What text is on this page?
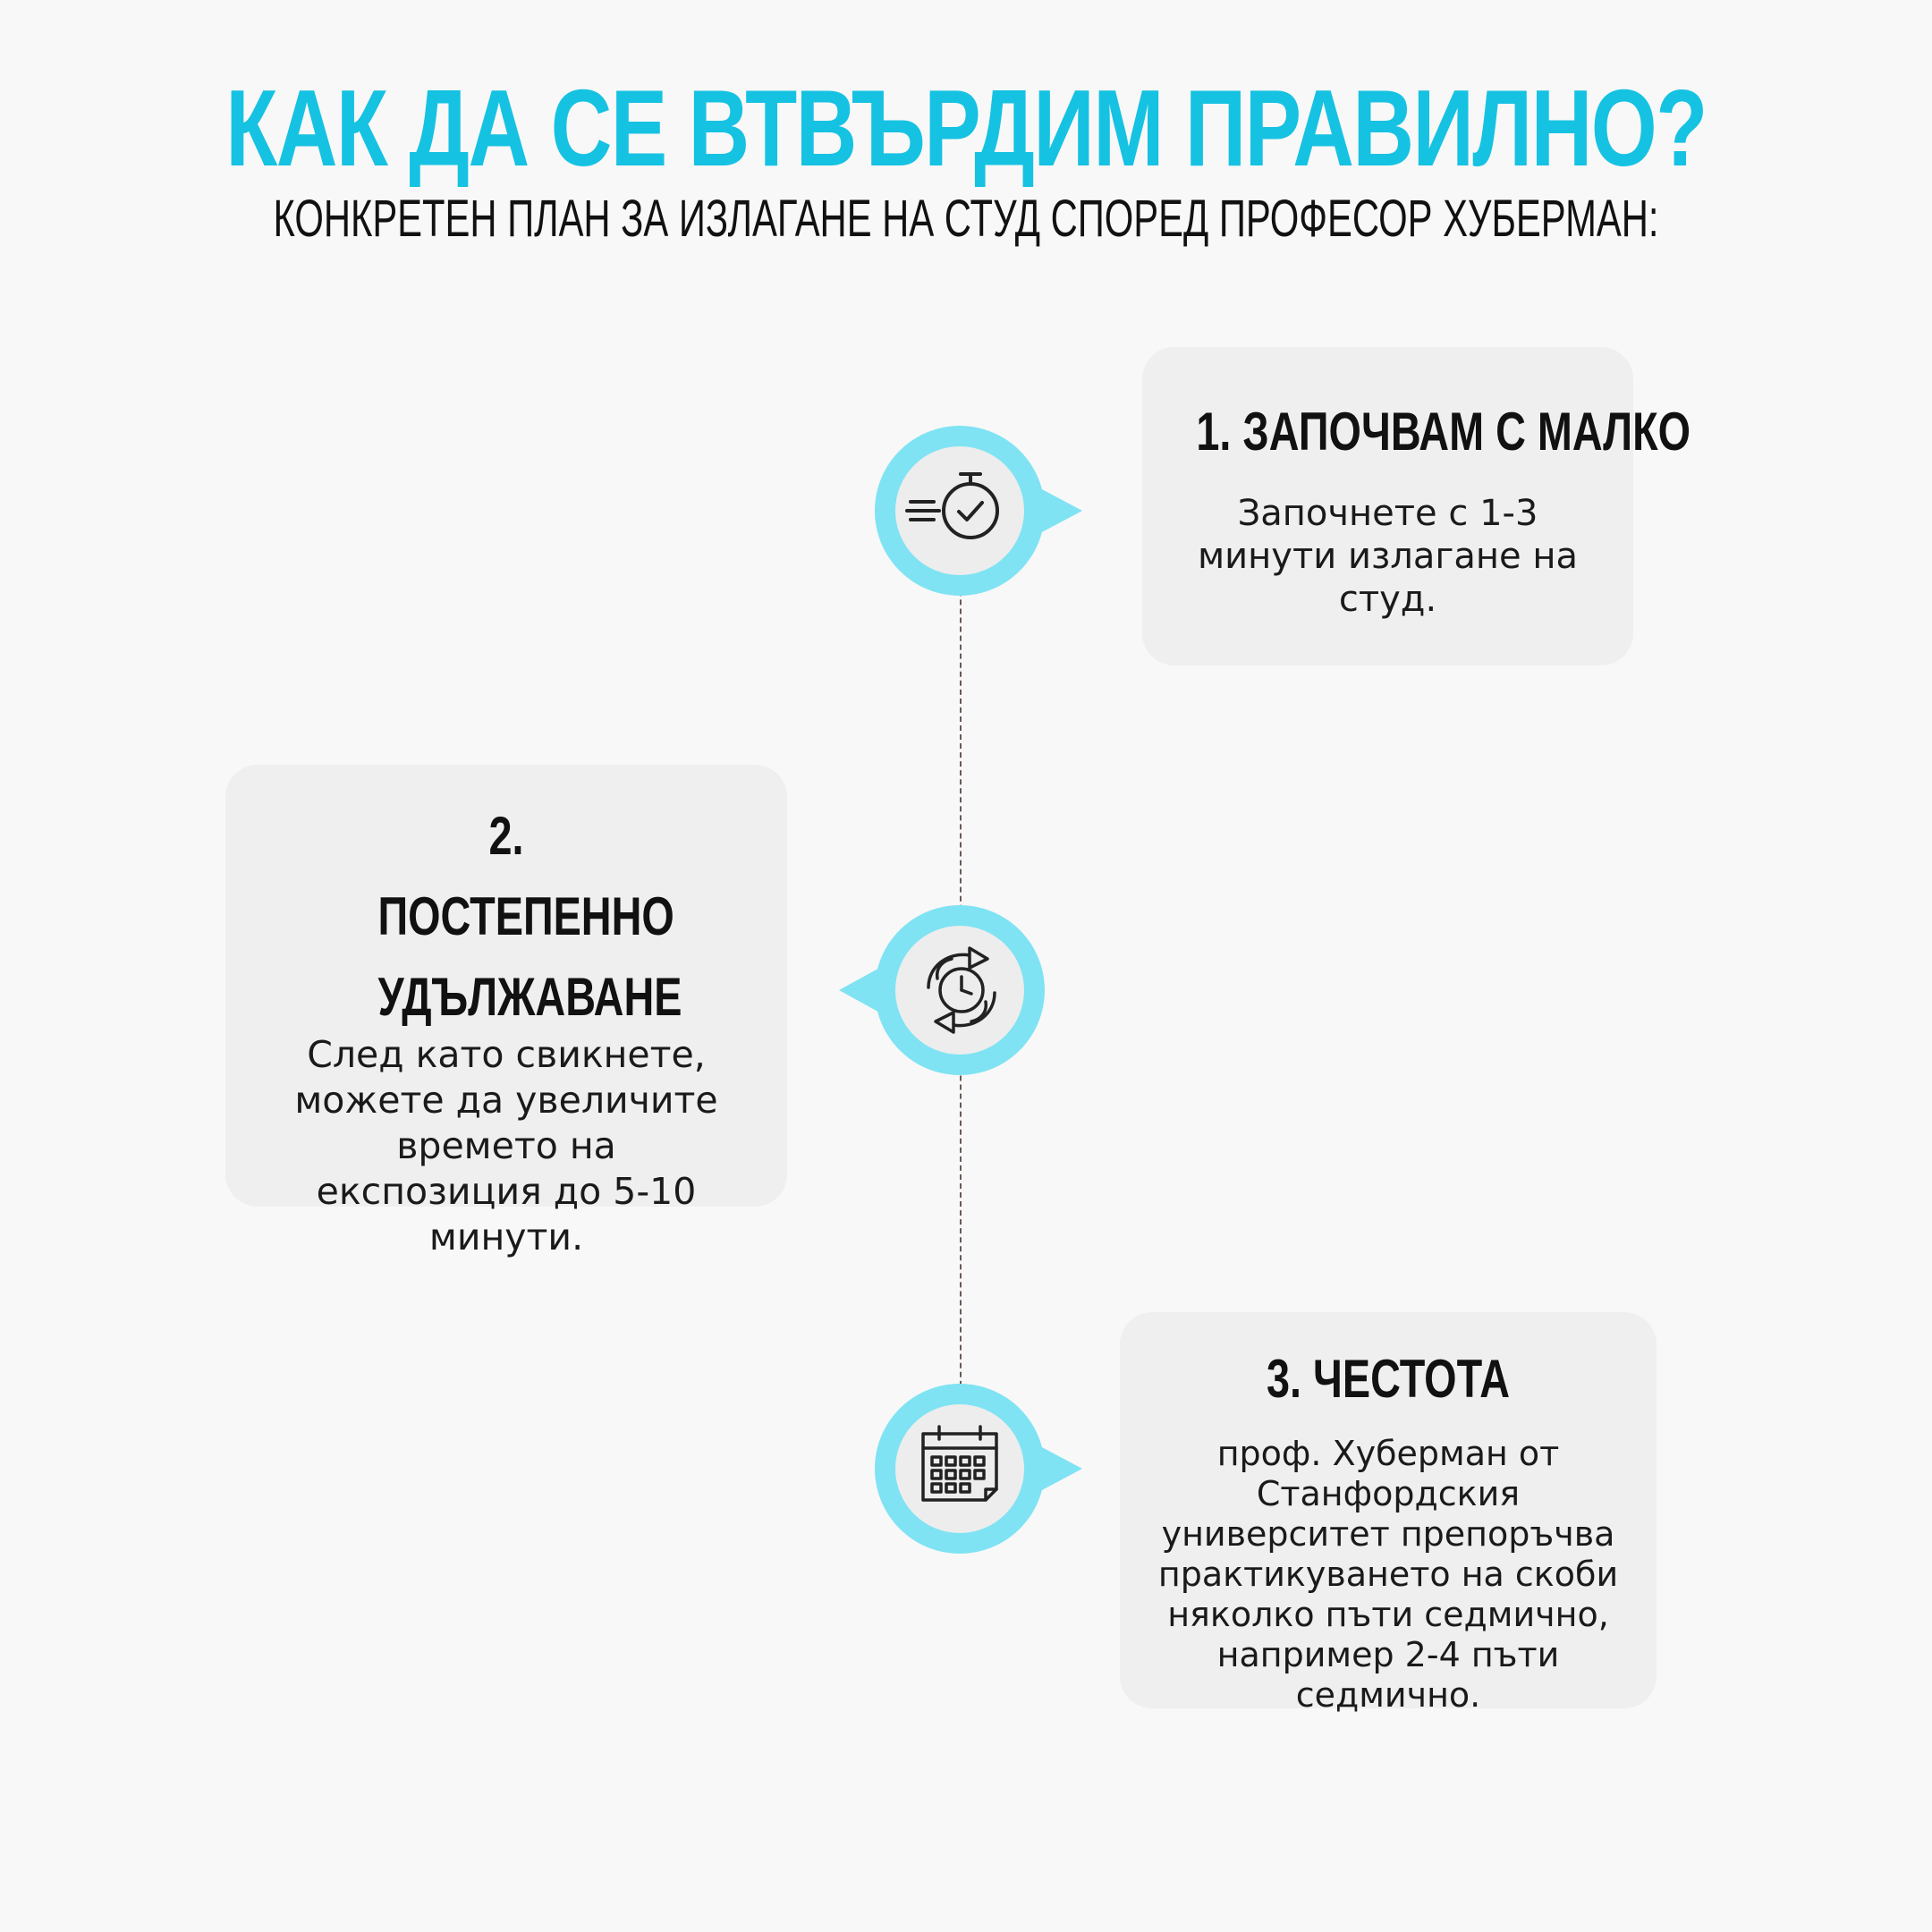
КАК ДА СЕ ВТВЪРДИМ ПРАВИЛНО?
КОНКРЕТЕН ПЛАН ЗА ИЗЛАГАНЕ НА СТУД СПОРЕД ПРОФЕСОР ХУБЕРМАН:
1. ЗАПОЧВАМ С МАЛКО
Започнете с 1-3 минути излагане на студ.
2. ПОСТЕПЕННО УДЪЛЖАВАНЕ
След като свикнете, можете да увеличите времето на експозиция до 5-10 минути.
3. ЧЕСТОТА
проф. Хуберман от Станфордския университет препоръчва практикуването на скоби няколко пъти седмично, например 2-4 пъти седмично.
